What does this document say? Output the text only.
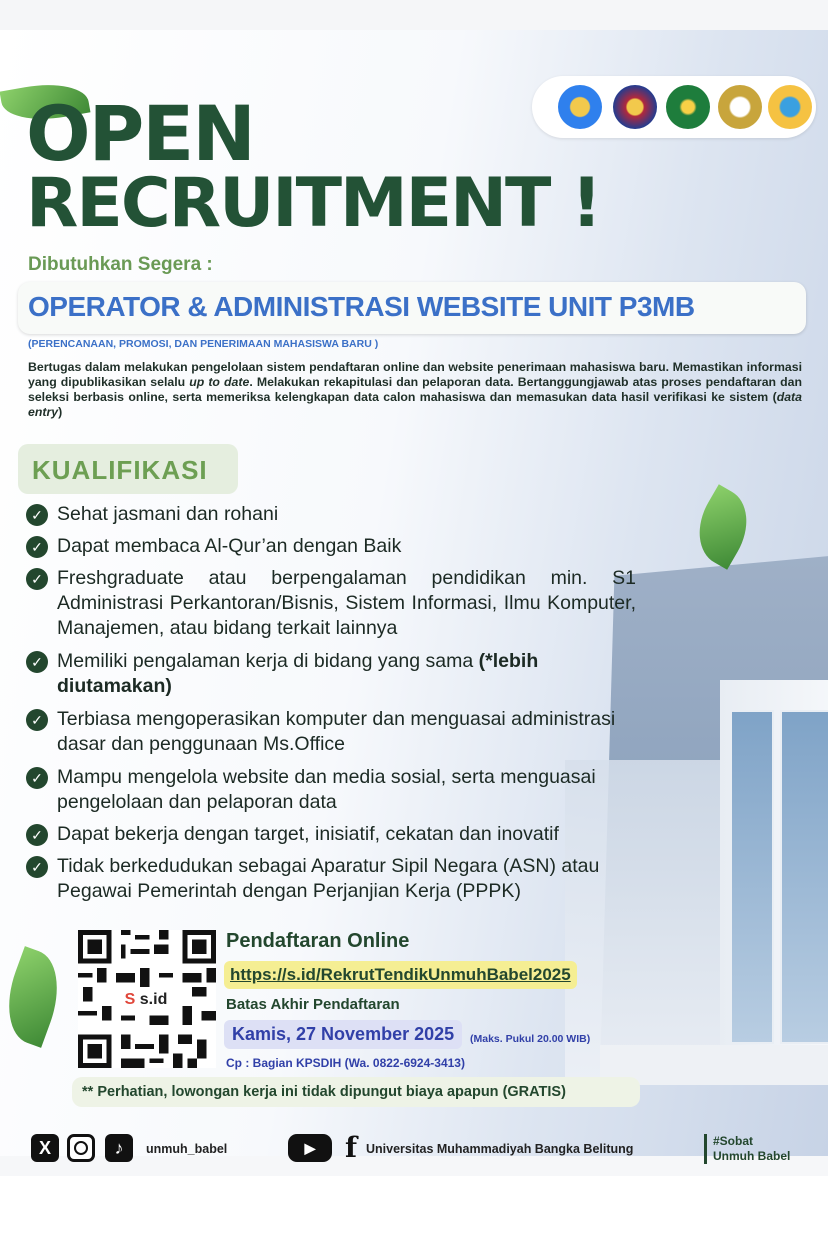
OPEN
RECRUITMENT !

Dibutuhkan Segera :

OPERATOR & ADMINISTRASI WEBSITE UNIT P3MB
(PERENCANAAN, PROMOSI, DAN PENERIMAAN MAHASISWA BARU )

Bertugas dalam melakukan pengelolaan sistem pendaftaran online dan website penerimaan mahasiswa baru. Memastikan informasi yang dipublikasikan selalu up to date. Melakukan rekapitulasi dan pelaporan data. Bertanggungjawab atas proses pendaftaran dan seleksi berbasis online, serta memeriksa kelengkapan data calon mahasiswa dan memasukan data hasil verifikasi ke sistem (data entry)

KUALIFIKASI
✓ Sehat jasmani dan rohani
✓ Dapat membaca Al-Qur’an dengan Baik
✓ Freshgraduate atau berpengalaman pendidikan min. S1 Administrasi Perkantoran/Bisnis, Sistem Informasi, Ilmu Komputer, Manajemen, atau bidang terkait lainnya
✓ Memiliki pengalaman kerja di bidang yang sama (*lebih diutamakan)
✓ Terbiasa mengoperasikan komputer dan menguasai administrasi dasar dan penggunaan Ms.Office
✓ Mampu mengelola website dan media sosial, serta menguasai pengelolaan dan pelaporan data
✓ Dapat bekerja dengan target, inisiatif, cekatan dan inovatif
✓ Tidak berkedudukan sebagai Aparatur Sipil Negara (ASN) atau Pegawai Pemerintah dengan Perjanjian Kerja (PPPK)
S s.id
Pendaftaran Online
https://s.id/RekrutTendikUnmuhBabel2025
Batas Akhir Pendaftaran
Kamis, 27 November 2025	(Maks. Pukul 20.00 WIB)
Cp : Bagian KPSDIH (Wa. 0822-6924-3413)
** Perhatian, lowongan kerja ini tidak dipungut biaya apapun (GRATIS)
X	♪	unmuh_babel	▶	f Universitas Muhammadiyah Bangka Belitung
#Sobat
Unmuh Babel
